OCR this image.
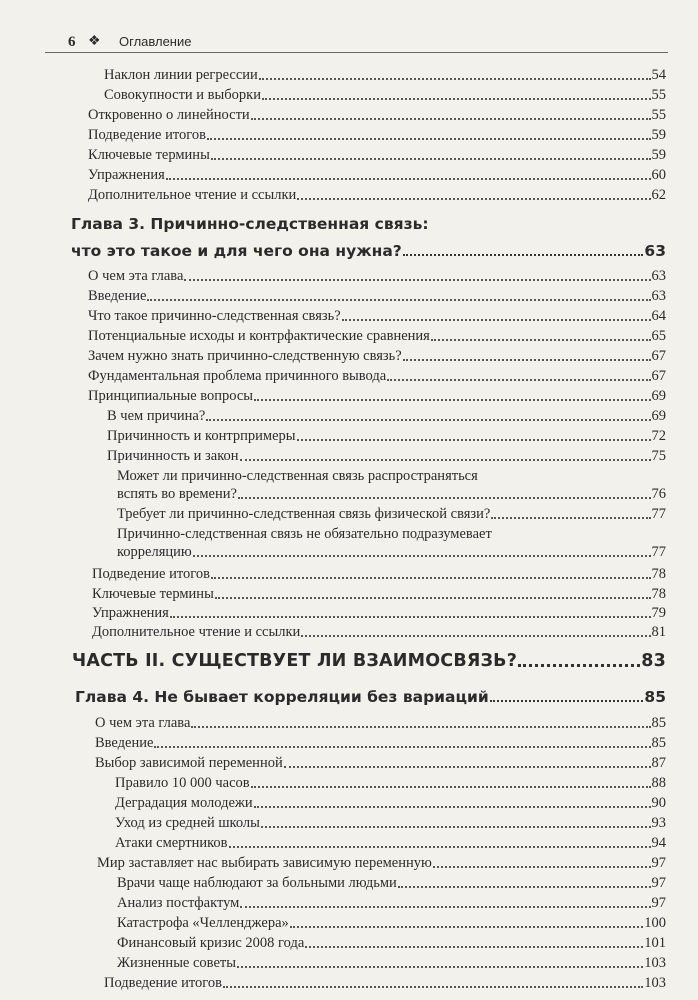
6 ❖ Оглавление
Наклон линии регрессии	54
Совокупности и выборки	55
Откровенно о линейности	55
Подведение итогов	59
Ключевые термины	59
Упражнения	60
Дополнительное чтение и ссылки	62
Глава 3. Причинно-следственная связь:
что это такое и для чего она нужна?	63
О чем эта глава	63
Введение	63
Что такое причинно-следственная связь?	64
Потенциальные исходы и контрфактические сравнения	65
Зачем нужно знать причинно-следственную связь?	67
Фундаментальная проблема причинного вывода	67
Принципиальные вопросы	69
В чем причина?	69
Причинность и контрпримеры	72
Причинность и закон	75
Может ли причинно-следственная связь распространяться
вспять во времени?	76
Требует ли причинно-следственная связь физической связи?	77
Причинно-следственная связь не обязательно подразумевает
корреляцию	77
Подведение итогов	78
Ключевые термины	78
Упражнения	79
Дополнительное чтение и ссылки	81
ЧАСТЬ II. СУЩЕСТВУЕТ ЛИ ВЗАИМОСВЯЗЬ?	83
Глава 4. Не бывает корреляции без вариаций	85
О чем эта глава	85
Введение	85
Выбор зависимой переменной	87
Правило 10 000 часов	88
Деградация молодежи	90
Уход из средней школы	93
Атаки смертников	94
Мир заставляет нас выбирать зависимую переменную	97
Врачи чаще наблюдают за больными людьми	97
Анализ постфактум	97
Катастрофа «Челленджера»	100
Финансовый кризис 2008 года	101
Жизненные советы	103
Подведение итогов	103
